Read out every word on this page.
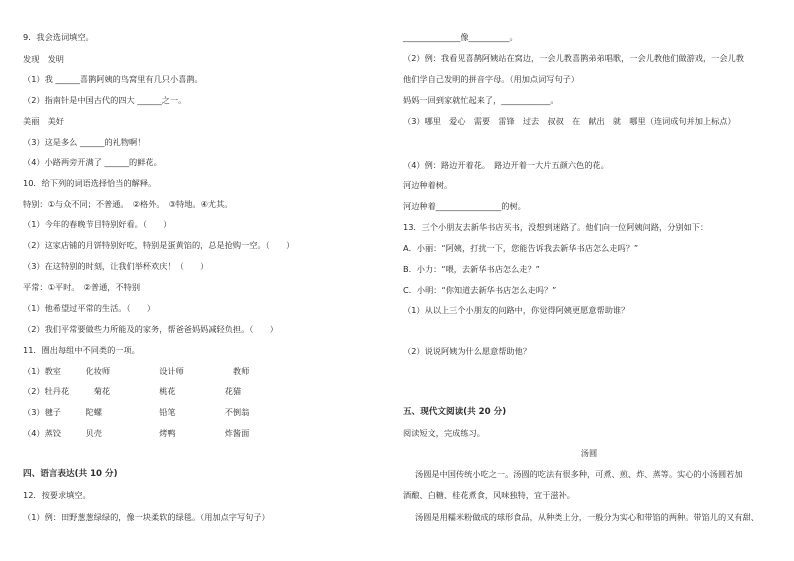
9．我会选词填空。
发现　发明
（1）我 ______喜鹊阿姨的鸟窝里有几只小喜鹊。
（2）指南针是中国古代的四大 ______之一。
美丽　美好
（3）这是多么 ______的礼物啊！
（4）小路两旁开满了 ______的鲜花。
10．给下列的词语选择恰当的解释。
特别：①与众不同；不普通。　②格外。　③特地。④尤其。
（1）今年的春晚节目特别好看。（　　）
（2）这家店铺的月饼特别好吃，特别是蛋黄馅的，总是抢购一空。（　　）
（3）在这特别的时刻，让我们举杯欢庆！（　　）
平常：①平时。　②普通，不特别
（1）他希望过平常的生活。（　　）
（2）我们平常要做些力所能及的家务，帮爸爸妈妈减轻负担。（　　）
11．圈出每组中不同类的一项。
（1）教室　　　化妆师　　　　　　设计师　　　　　　教师
（2）牡丹花　　　菊花　　　　　　桃花　　　　　　花猫
（3）毽子　　　陀螺　　　　　　　铅笔　　　　　　不倒翁
（4）蒸饺　　　贝壳　　　　　　　烤鸭　　　　　　炸酱面
四、语言表达(共 10 分)
12．按要求填空。
（1）例：田野葱葱绿绿的，像一块柔软的绿毯。（用加点字写句子）
______________像__________。
（2）例：我看见喜鹊阿姨站在窝边，一会儿教喜鹊弟弟唱歌，一会儿教他们做游戏，一会儿教
他们学自己发明的拼音字母。（用加点词写句子）
妈妈一回到家就忙起来了，____________。
（3）哪里　爱心　需要　雷锋　过去　叔叔　在　献出　就　哪里（连词成句并加上标点）
（4）例：路边开着花。　路边开着一大片五颜六色的花。
河边种着树。
河边种着________________的树。
13．三个小朋友去新华书店买书，没想到迷路了。他们向一位阿姨问路，分别如下：
A．小丽：“阿姨，打扰一下，您能告诉我去新华书店怎么走吗？”
B．小力：“喂，去新华书店怎么走？”
C．小明：“你知道去新华书店怎么走吗？”
（1）从以上三个小朋友的问路中，你觉得阿姨更愿意帮助谁？
（2）说说阿姨为什么愿意帮助他？
五、现代文阅读(共 20 分)
阅读短文，完成练习。
汤圆
汤圆是中国传统小吃之一。汤圆的吃法有很多种，可煮、煎、炸、蒸等。实心的小汤圆若加
酒酿、白糖、桂花煮食，风味独特，宜于滋补。
汤圆是用糯米粉做成的球形食品，从种类上分，一般分为实心和带馅的两种。带馅儿的又有甜、
